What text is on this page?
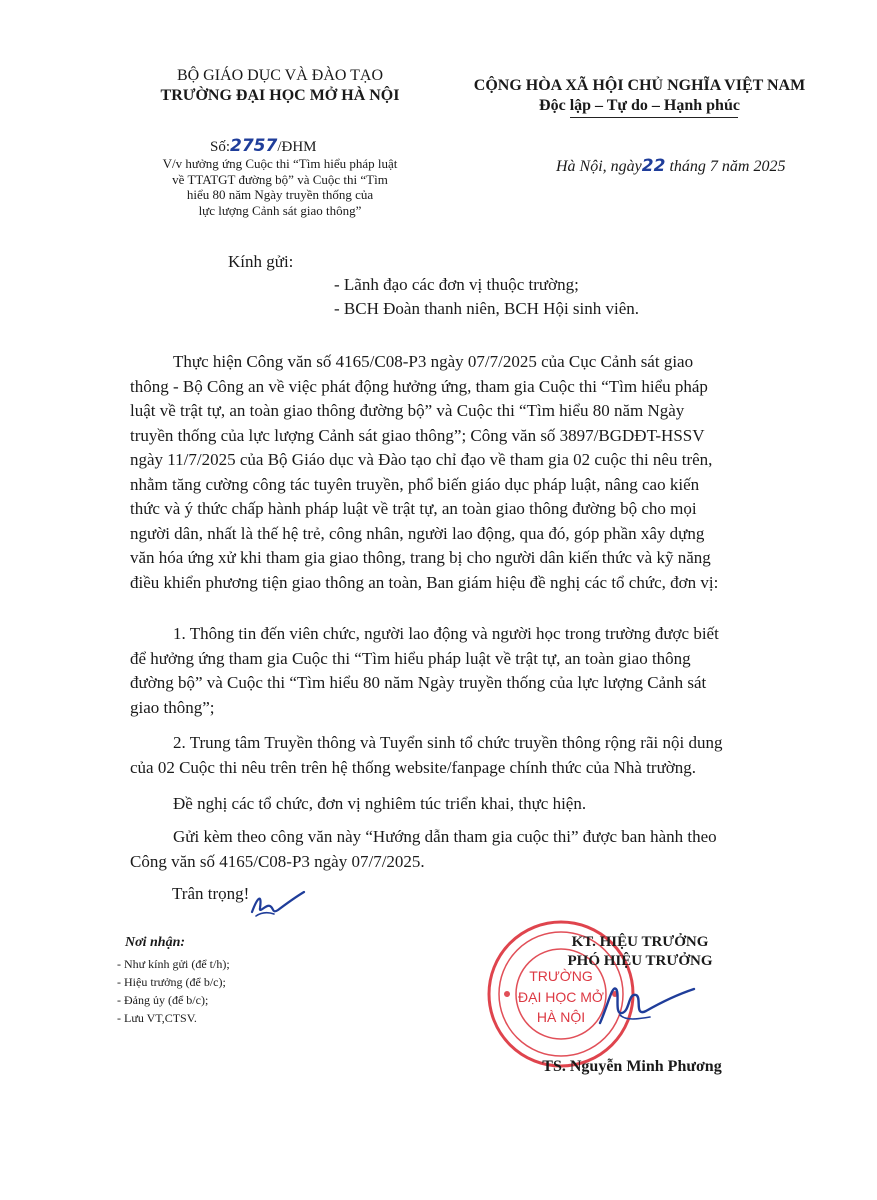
BỘ GIÁO DỤC VÀ ĐÀO TẠO
TRƯỜNG ĐẠI HỌC MỞ HÀ NỘI
Số:2757/ĐHM
V/v hưởng ứng Cuộc thi “Tìm hiểu pháp luật
về TTATGT đường bộ” và Cuộc thi “Tìm
hiểu 80 năm Ngày truyền thống của
lực lượng Cảnh sát giao thông”
CỘNG HÒA XÃ HỘI CHỦ NGHĨA VIỆT NAM
Độc lập – Tự do – Hạnh phúc
Hà Nội, ngày22 tháng 7 năm 2025
Kính gửi:
- Lãnh đạo các đơn vị thuộc trường;
- BCH Đoàn thanh niên, BCH Hội sinh viên.
Thực hiện Công văn số 4165/C08-P3 ngày 07/7/2025 của Cục Cảnh sát giao
thông - Bộ Công an về việc phát động hưởng ứng, tham gia Cuộc thi “Tìm hiểu pháp
luật về trật tự, an toàn giao thông đường bộ” và Cuộc thi “Tìm hiểu 80 năm Ngày
truyền thống của lực lượng Cảnh sát giao thông”; Công văn số 3897/BGDĐT-HSSV
ngày 11/7/2025 của Bộ Giáo dục và Đào tạo chỉ đạo về tham gia 02 cuộc thi nêu trên,
nhằm tăng cường công tác tuyên truyền, phổ biến giáo dục pháp luật, nâng cao kiến
thức và ý thức chấp hành pháp luật về trật tự, an toàn giao thông đường bộ cho mọi
người dân, nhất là thế hệ trẻ, công nhân, người lao động, qua đó, góp phần xây dựng
văn hóa ứng xử khi tham gia giao thông, trang bị cho người dân kiến thức và kỹ năng
điều khiển phương tiện giao thông an toàn, Ban giám hiệu đề nghị các tổ chức, đơn vị:
1. Thông tin đến viên chức, người lao động và người học trong trường được biết
để hưởng ứng tham gia Cuộc thi “Tìm hiểu pháp luật về trật tự, an toàn giao thông
đường bộ” và Cuộc thi “Tìm hiểu 80 năm Ngày truyền thống của lực lượng Cảnh sát
giao thông”;
2. Trung tâm Truyền thông và Tuyển sinh tổ chức truyền thông rộng rãi nội dung
của 02 Cuộc thi nêu trên trên hệ thống website/fanpage chính thức của Nhà trường.
Đề nghị các tổ chức, đơn vị nghiêm túc triển khai, thực hiện.
Gửi kèm theo công văn này “Hướng dẫn tham gia cuộc thi” được ban hành theo
Công văn số 4165/C08-P3 ngày 07/7/2025.
Trân trọng!
Nơi nhận:
- Như kính gửi (để t/h);
- Hiệu trưởng (để b/c);
- Đảng ủy (để b/c);
- Lưu VT,CTSV.
TRƯỜNG
ĐẠI HỌC MỞ
HÀ NỘI
KT. HIỆU TRƯỞNG
PHÓ HIỆU TRƯỞNG
TS. Nguyễn Minh Phương
